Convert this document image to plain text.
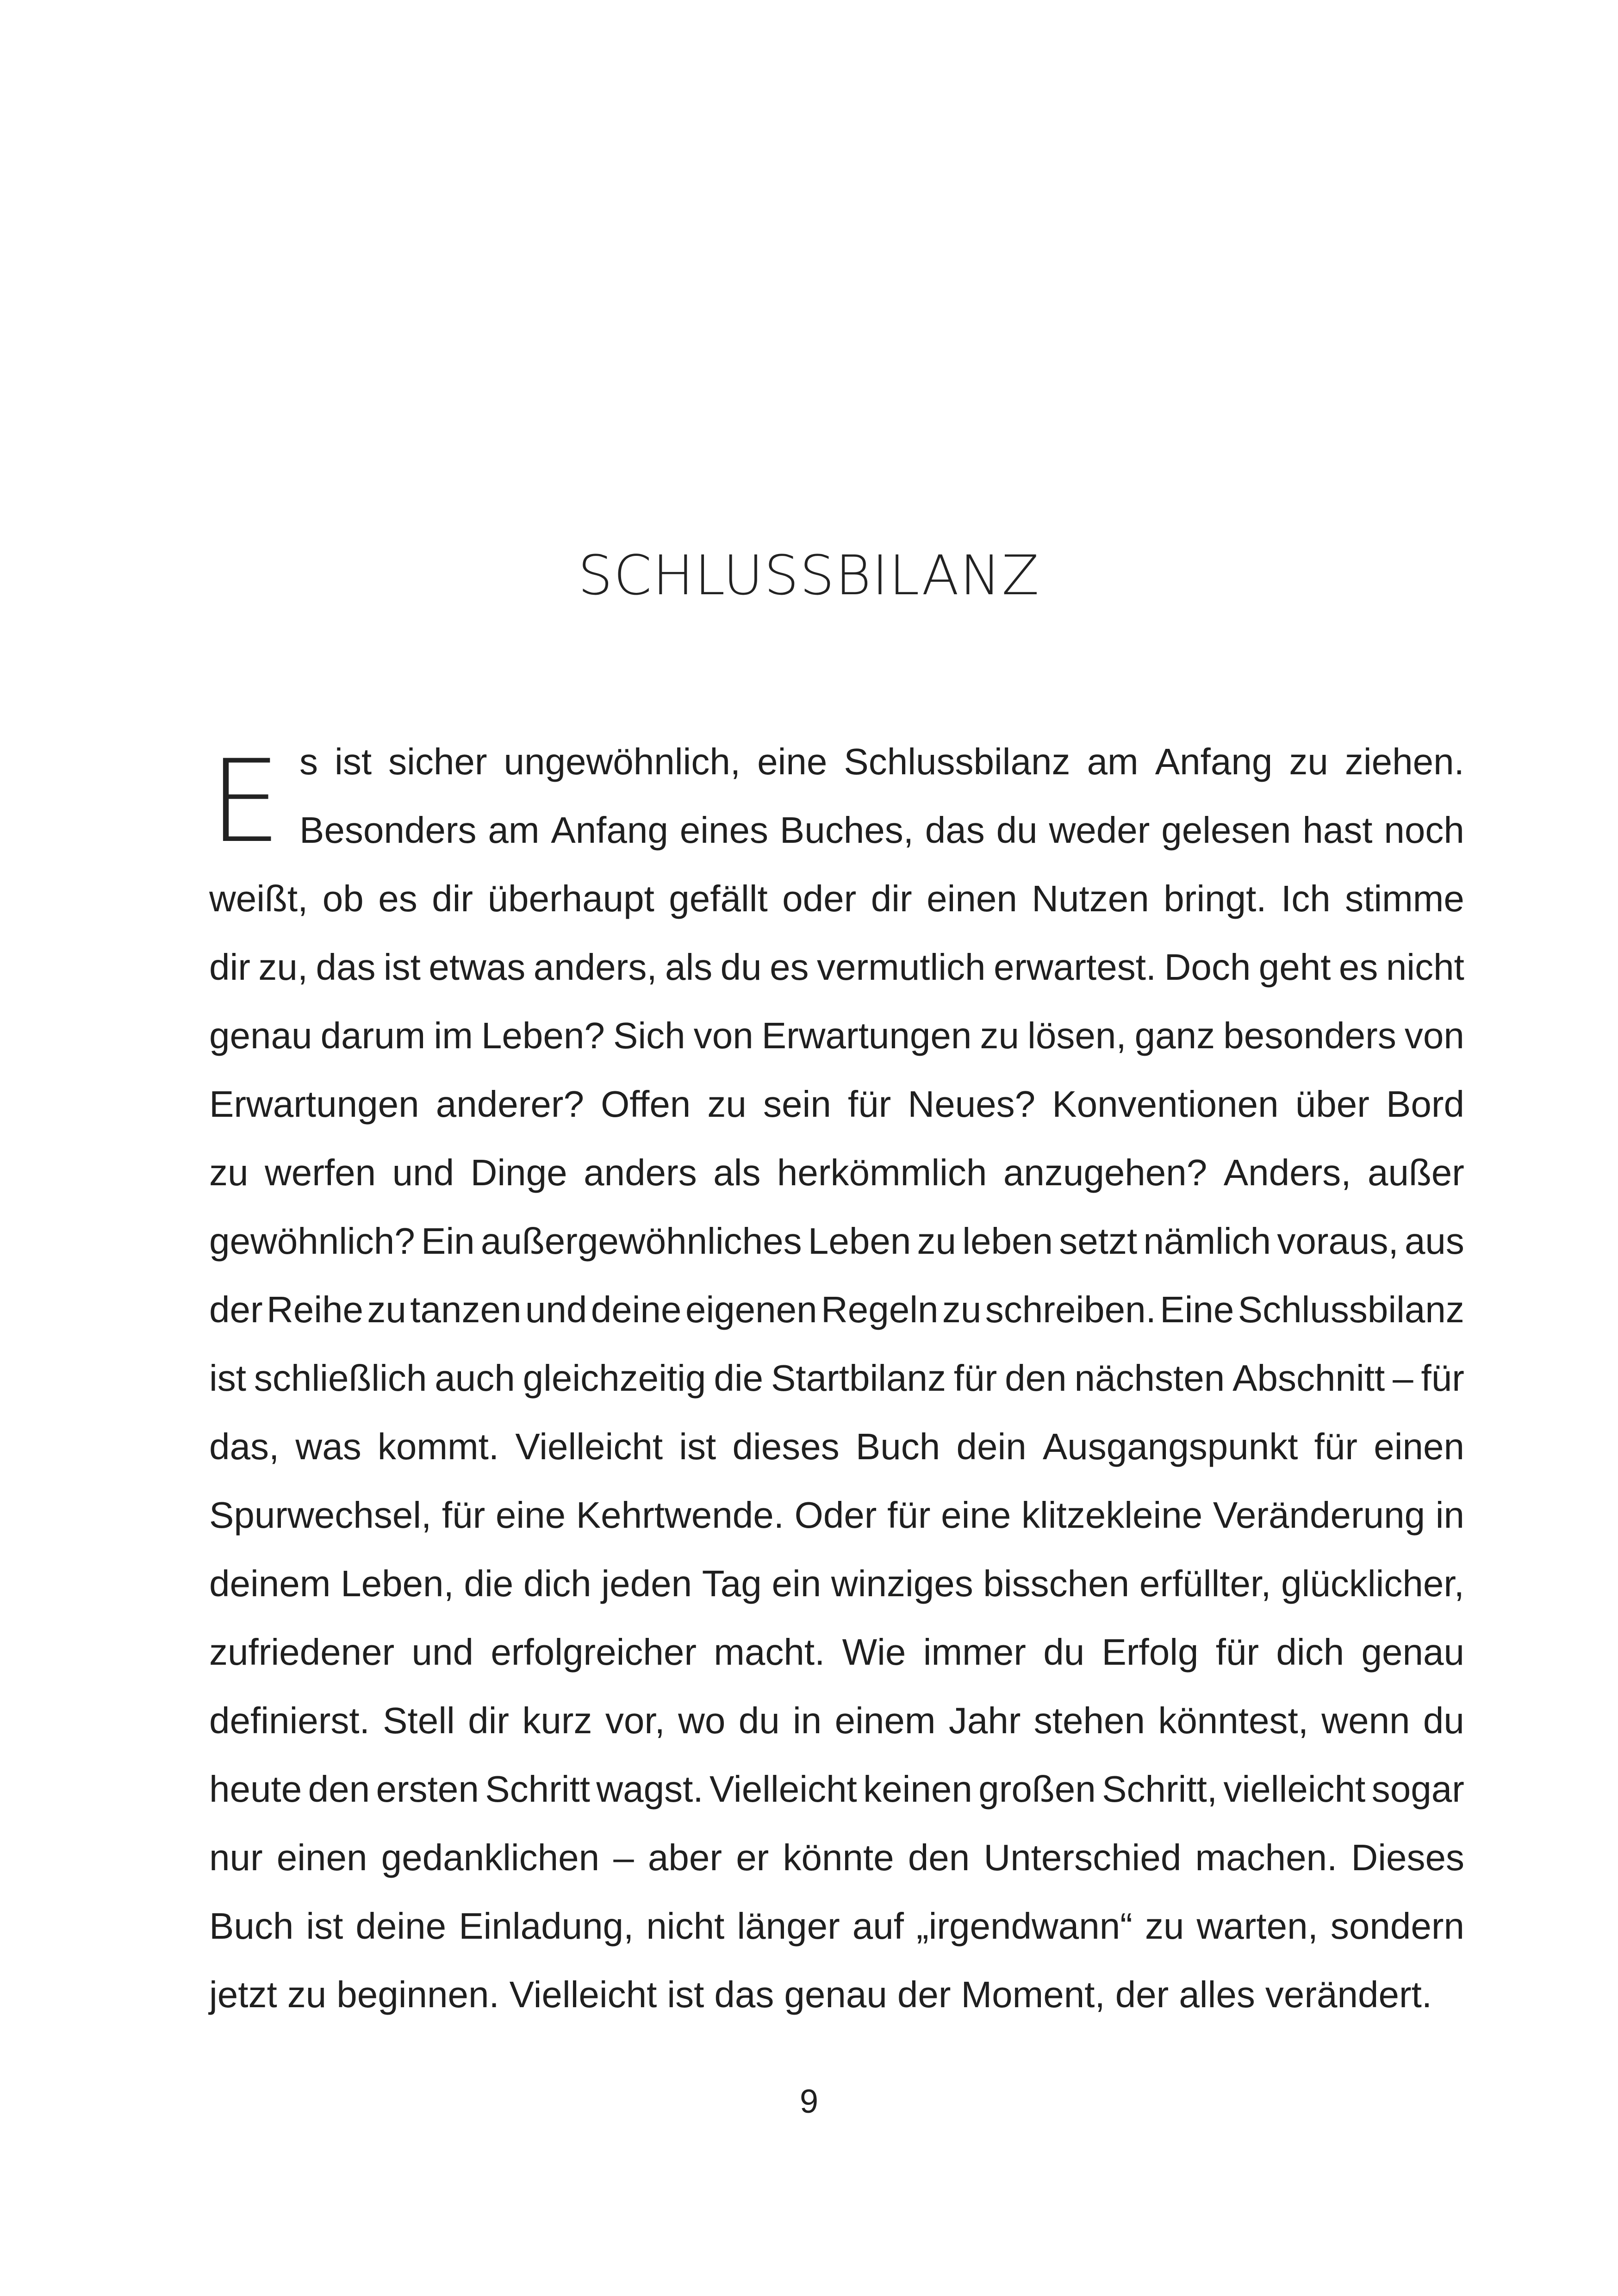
SCHLUSSBILANZ
E s ist sicher ungewöhnlich, eine Schlussbilanz am Anfang zu ziehen.
Besonders am Anfang eines Buches, das du weder gelesen hast noch
weißt, ob es dir überhaupt gefällt oder dir einen Nutzen bringt. Ich stimme
dir zu, das ist etwas anders, als du es vermutlich erwartest. Doch geht es nicht
genau darum im Leben? Sich von Erwartungen zu lösen, ganz besonders von
Erwartungen anderer? Offen zu sein für Neues? Konventionen über Bord
zu werfen und Dinge anders als herkömmlich anzugehen? Anders, außer
gewöhnlich? Ein außergewöhnliches Leben zu leben setzt nämlich voraus, aus
der Reihe zu tanzen und deine eigenen Regeln zu schreiben. Eine Schlussbilanz
ist schließlich auch gleichzeitig die Startbilanz für den nächsten Abschnitt – für
das, was kommt. Vielleicht ist dieses Buch dein Ausgangspunkt für einen
Spurwechsel, für eine Kehrtwende. Oder für eine klitzekleine Veränderung in
deinem Leben, die dich jeden Tag ein winziges bisschen erfüllter, glücklicher,
zufriedener und erfolgreicher macht. Wie immer du Erfolg für dich genau
definierst. Stell dir kurz vor, wo du in einem Jahr stehen könntest, wenn du
heute den ersten Schritt wagst. Vielleicht keinen großen Schritt, vielleicht sogar
nur einen gedanklichen – aber er könnte den Unterschied machen. Dieses
Buch ist deine Einladung, nicht länger auf „irgendwann“ zu warten, sondern
jetzt zu beginnen. Vielleicht ist das genau der Moment, der alles verändert.
9
